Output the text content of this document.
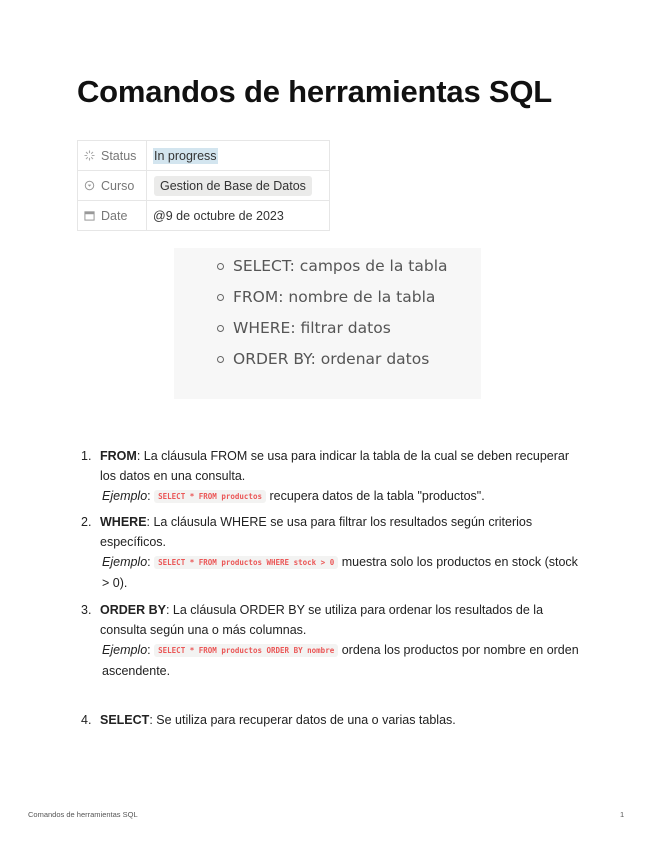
Comandos de herramientas SQL
Status	In progress
Curso	Gestion de Base de Datos
Date	@9 de octubre de 2023
SELECT: campos de la tabla
FROM: nombre de la tabla
WHERE: filtrar datos
ORDER BY: ordenar datos
1. FROM: La cláusula FROM se usa para indicar la tabla de la cual se deben recuperar los datos en una consulta.

Ejemplo: SELECT * FROM productos recupera datos de la tabla "productos".

2. WHERE: La cláusula WHERE se usa para filtrar los resultados según criterios específicos.

Ejemplo: SELECT * FROM productos WHERE stock > 0 muestra solo los productos en stock (stock > 0).

3. ORDER BY: La cláusula ORDER BY se utiliza para ordenar los resultados de la consulta según una o más columnas.

Ejemplo: SELECT * FROM productos ORDER BY nombre ordena los productos por nombre en orden ascendente.

4. SELECT: Se utiliza para recuperar datos de una o varias tablas.

Comandos de herramientas SQL	1
